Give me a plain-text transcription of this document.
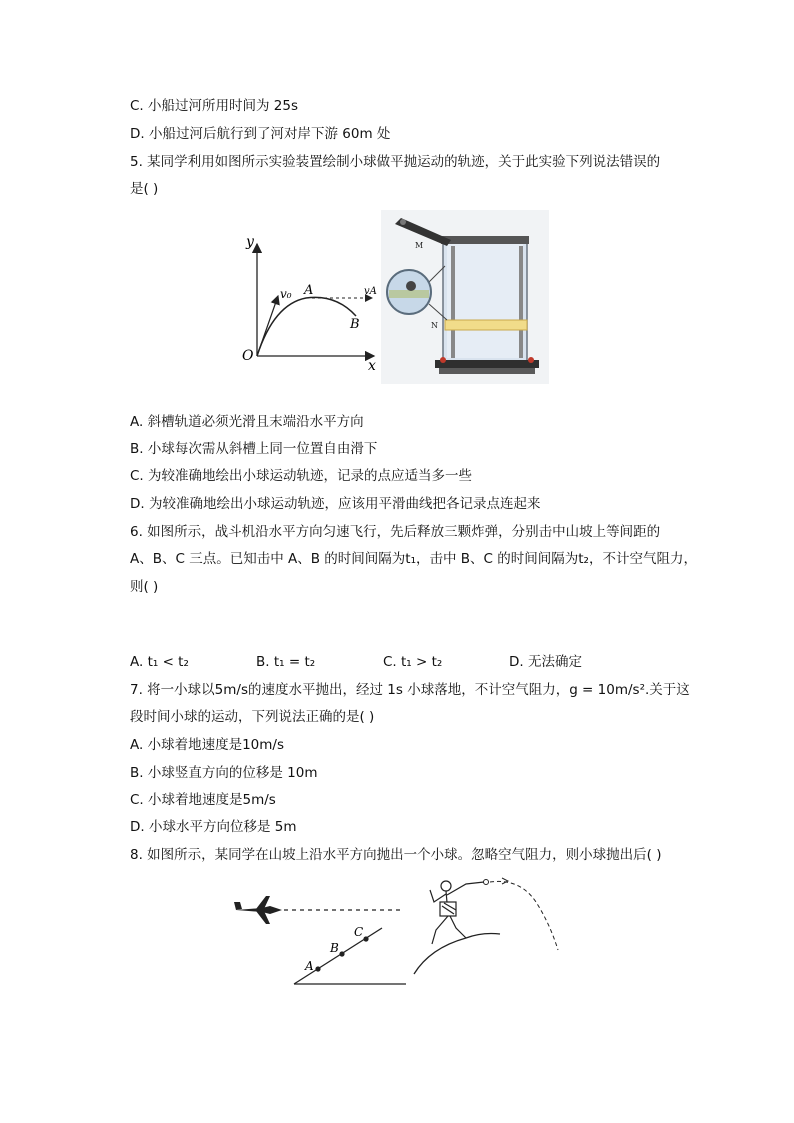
C. 小船过河所用时间为 25s
D. 小船过河后航行到了河对岸下游 60m 处
5. 某同学利用如图所示实验装置绘制小球做平抛运动的轨迹，关于此实验下列说法错误的
是( )
y
x
O
v₀ A	vA
B
M
N
A. 斜槽轨道必须光滑且末端沿水平方向
B. 小球每次需从斜槽上同一位置自由滑下
C. 为较准确地绘出小球运动轨迹，记录的点应适当多一些
D. 为较准确地绘出小球运动轨迹，应该用平滑曲线把各记录点连起来
6. 如图所示，战斗机沿水平方向匀速飞行，先后释放三颗炸弹，分别击中山坡上等间距的
A、B、C 三点。已知击中 A、B 的时间间隔为t₁，击中 B、C 的时间间隔为t₂，不计空气阻力，
则( )
A. t₁ < t₂	B. t₁ = t₂	C. t₁ > t₂	D. 无法确定
7. 将一小球以5m/s的速度水平抛出，经过 1s 小球落地，不计空气阻力，g = 10m/s².关于这
段时间小球的运动，下列说法正确的是( )
A. 小球着地速度是10m/s
B. 小球竖直方向的位移是 10m
C. 小球着地速度是5m/s
D. 小球水平方向位移是 5m
8. 如图所示，某同学在山坡上沿水平方向抛出一个小球。忽略空气阻力，则小球抛出后( )
A
B
C
